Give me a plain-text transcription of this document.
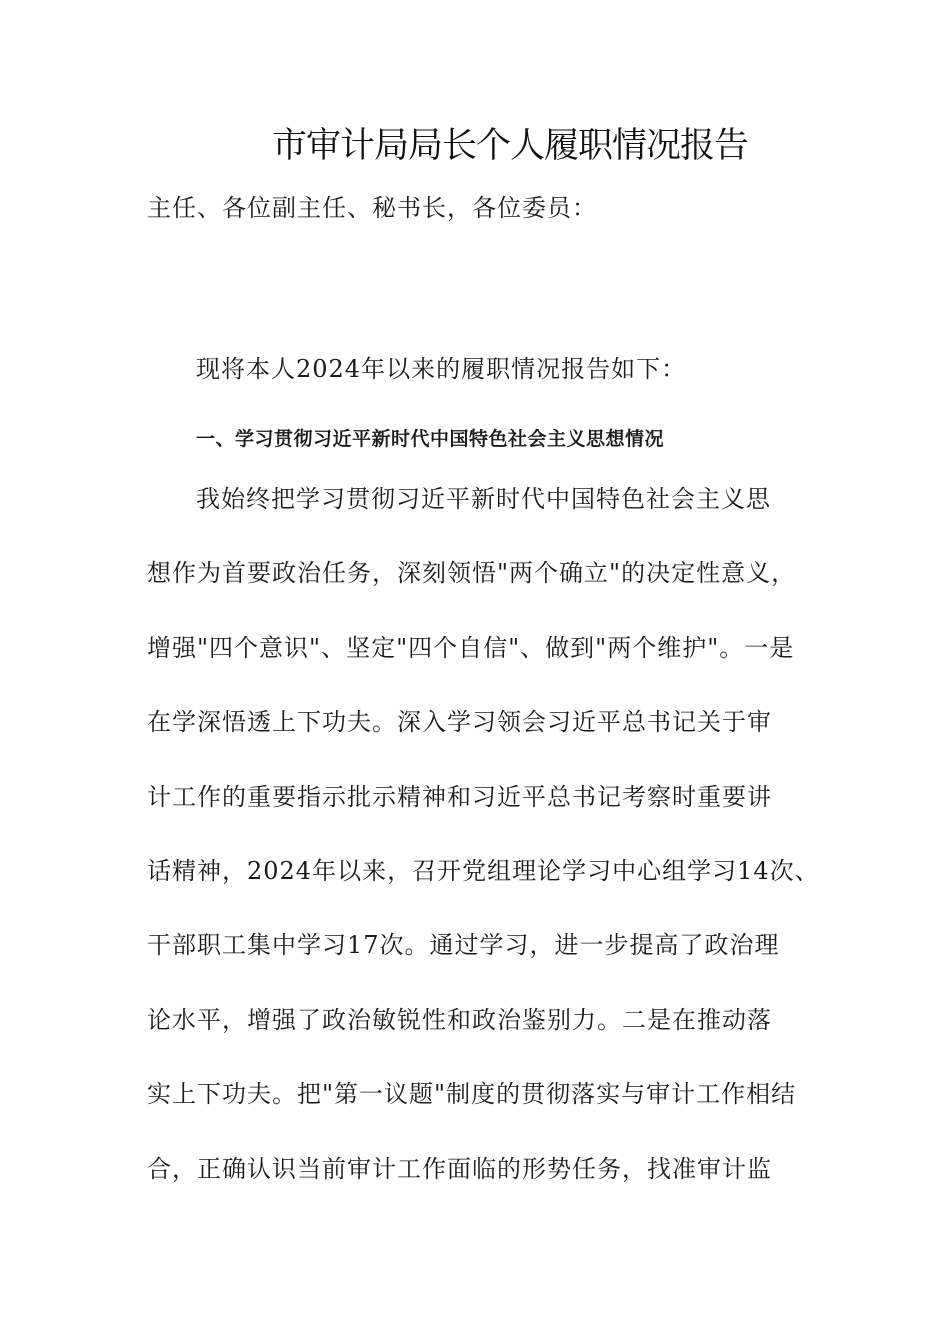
市审计局局长个人履职情况报告
主任、各位副主任、秘书长，各位委员：
现将本人2024年以来的履职情况报告如下：
一、学习贯彻习近平新时代中国特色社会主义思想情况
我始终把学习贯彻习近平新时代中国特色社会主义思
想作为首要政治任务，深刻领悟"两个确立"的决定性意义，
增强"四个意识"、坚定"四个自信"、做到"两个维护"。一是
在学深悟透上下功夫。深入学习领会习近平总书记关于审
计工作的重要指示批示精神和习近平总书记考察时重要讲
话精神，2024年以来，召开党组理论学习中心组学习14次、
干部职工集中学习17次。通过学习，进一步提高了政治理
论水平，增强了政治敏锐性和政治鉴别力。二是在推动落
实上下功夫。把"第一议题"制度的贯彻落实与审计工作相结
合，正确认识当前审计工作面临的形势任务，找准审计监
